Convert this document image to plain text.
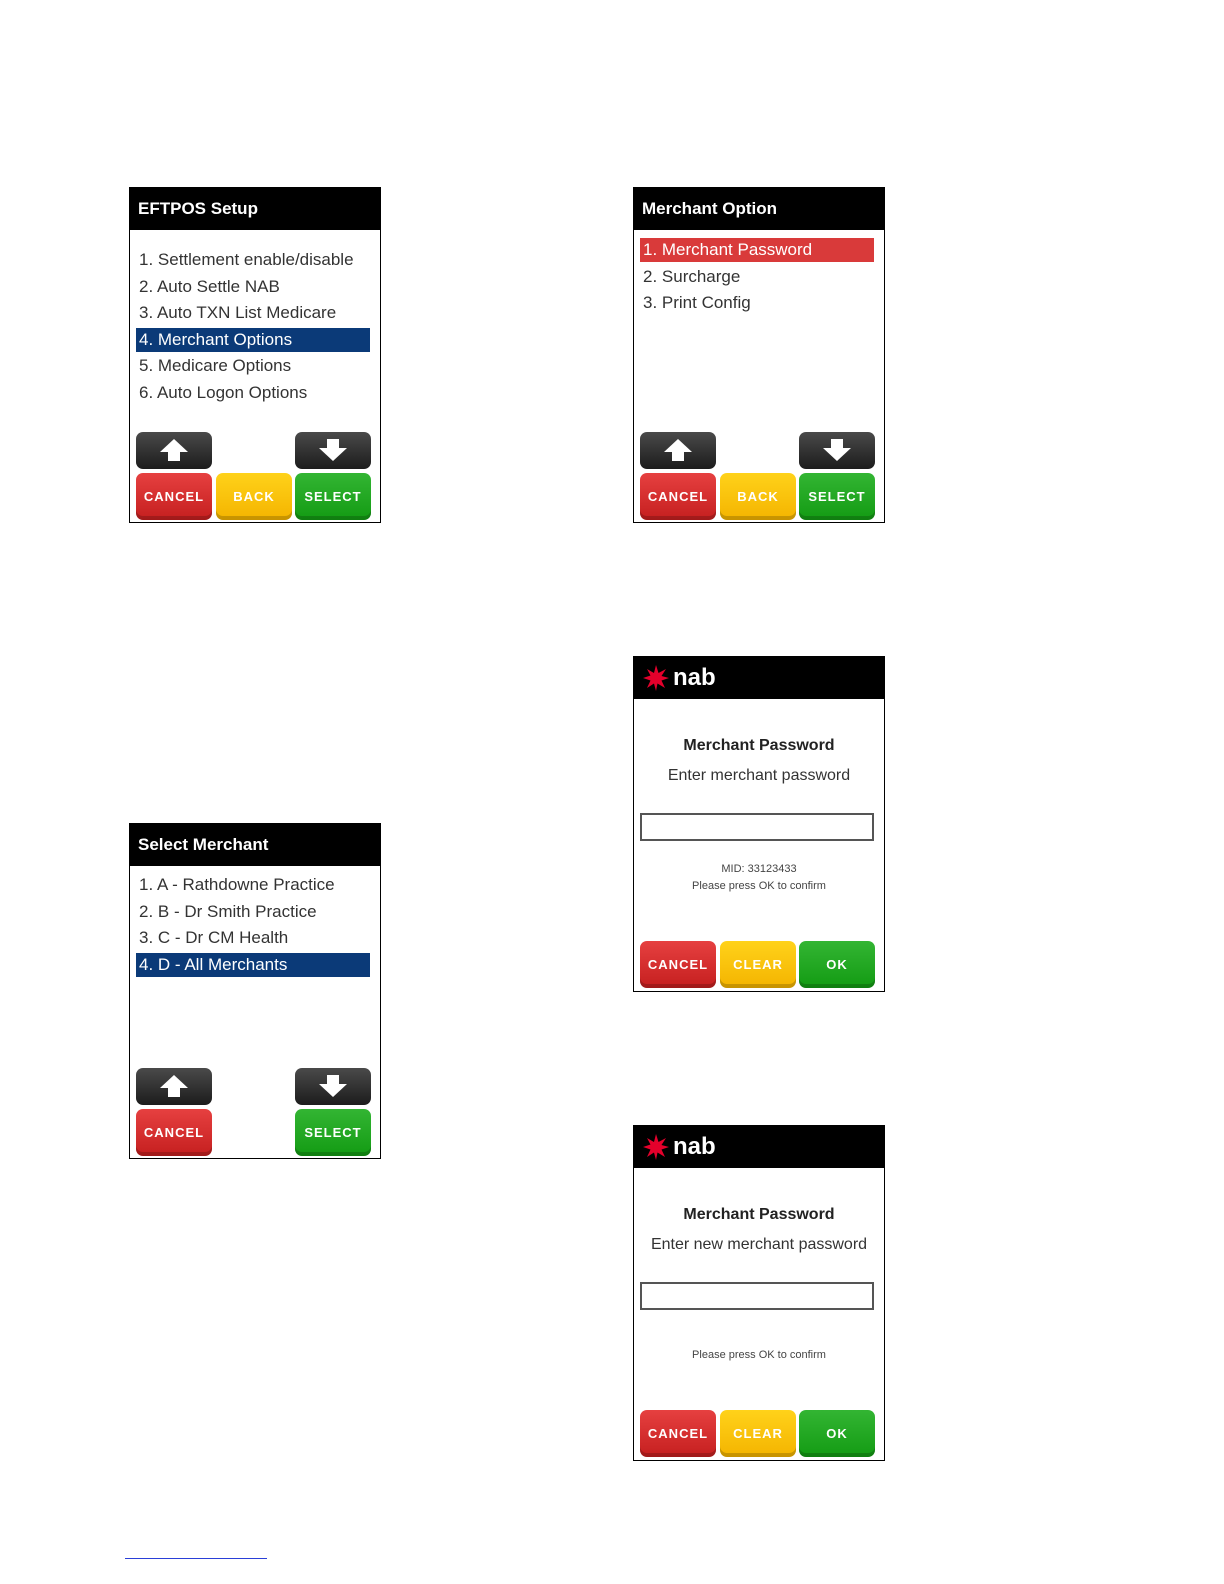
EFTPOS Setup
1. Settlement enable/disable
2. Auto Settle NAB
3. Auto TXN List Medicare
4. Merchant Options
5. Medicare Options
6. Auto Logon Options
CANCEL	BACK	SELECT
Merchant Option
1. Merchant Password
2. Surcharge
3. Print Config
CANCEL	BACK	SELECT
Select Merchant
1. A - Rathdowne Practice
2. B - Dr Smith Practice
3. C - Dr CM Health
4. D - All Merchants
CANCEL	SELECT
nab
Merchant Password
Enter merchant password
MID: 33123433
Please press OK to confirm
CANCEL	CLEAR	OK
nab
Merchant Password
Enter new merchant password
Please press OK to confirm
CANCEL	CLEAR	OK
